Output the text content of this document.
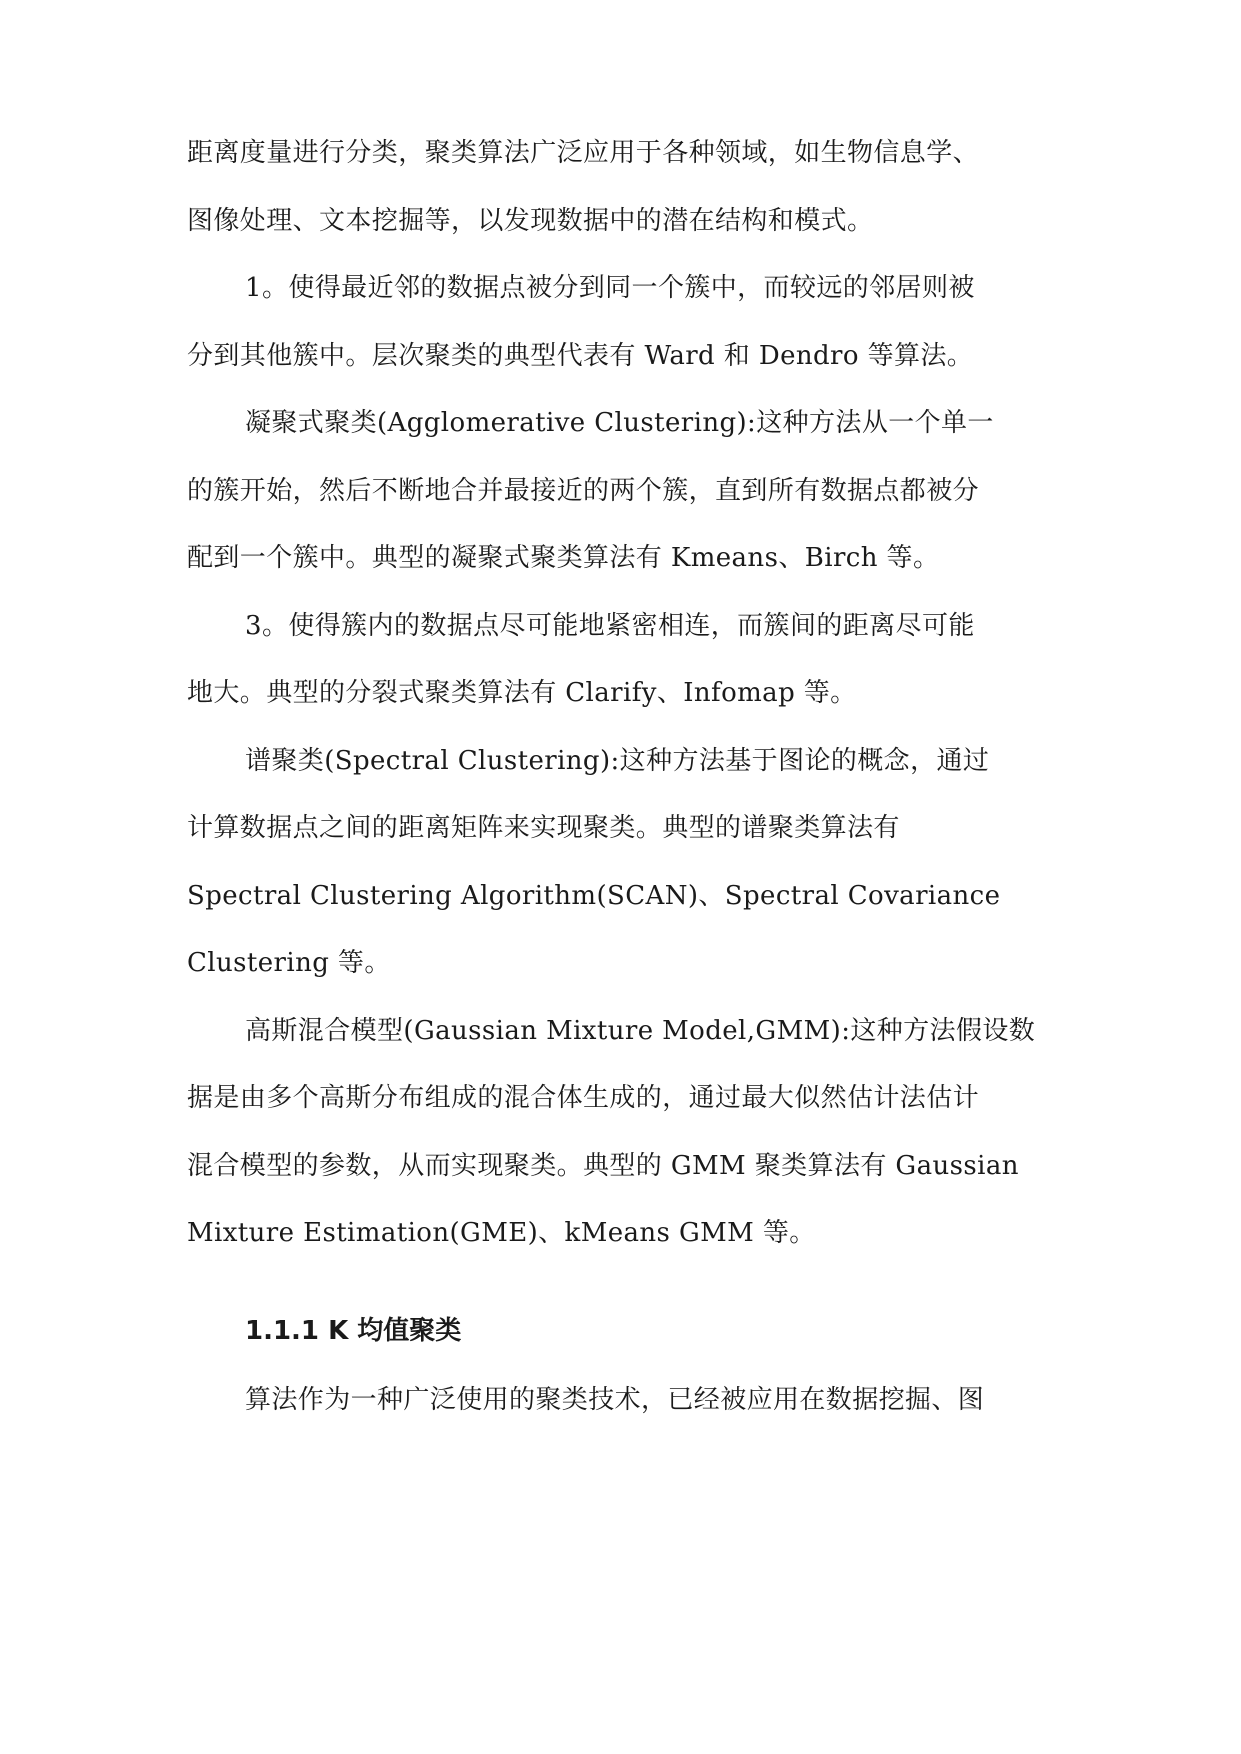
距离度量进行分类，聚类算法广泛应用于各种领域，如生物信息学、
图像处理、文本挖掘等，以发现数据中的潜在结构和模式。
1。使得最近邻的数据点被分到同一个簇中，而较远的邻居则被
分到其他簇中。层次聚类的典型代表有 Ward 和 Dendro 等算法。
凝聚式聚类(Agglomerative Clustering):这种方法从一个单一
的簇开始，然后不断地合并最接近的两个簇，直到所有数据点都被分
配到一个簇中。典型的凝聚式聚类算法有 Kmeans、Birch 等。
3。使得簇内的数据点尽可能地紧密相连，而簇间的距离尽可能
地大。典型的分裂式聚类算法有 Clarify、Infomap 等。
谱聚类(Spectral Clustering):这种方法基于图论的概念，通过
计算数据点之间的距离矩阵来实现聚类。典型的谱聚类算法有
Spectral Clustering Algorithm(SCAN)、Spectral Covariance
Clustering 等。
高斯混合模型(Gaussian Mixture Model,GMM):这种方法假设数
据是由多个高斯分布组成的混合体生成的，通过最大似然估计法估计
混合模型的参数，从而实现聚类。典型的 GMM 聚类算法有 Gaussian
Mixture Estimation(GME)、kMeans GMM 等。
1.1.1 K 均值聚类
算法作为一种广泛使用的聚类技术，已经被应用在数据挖掘、图
